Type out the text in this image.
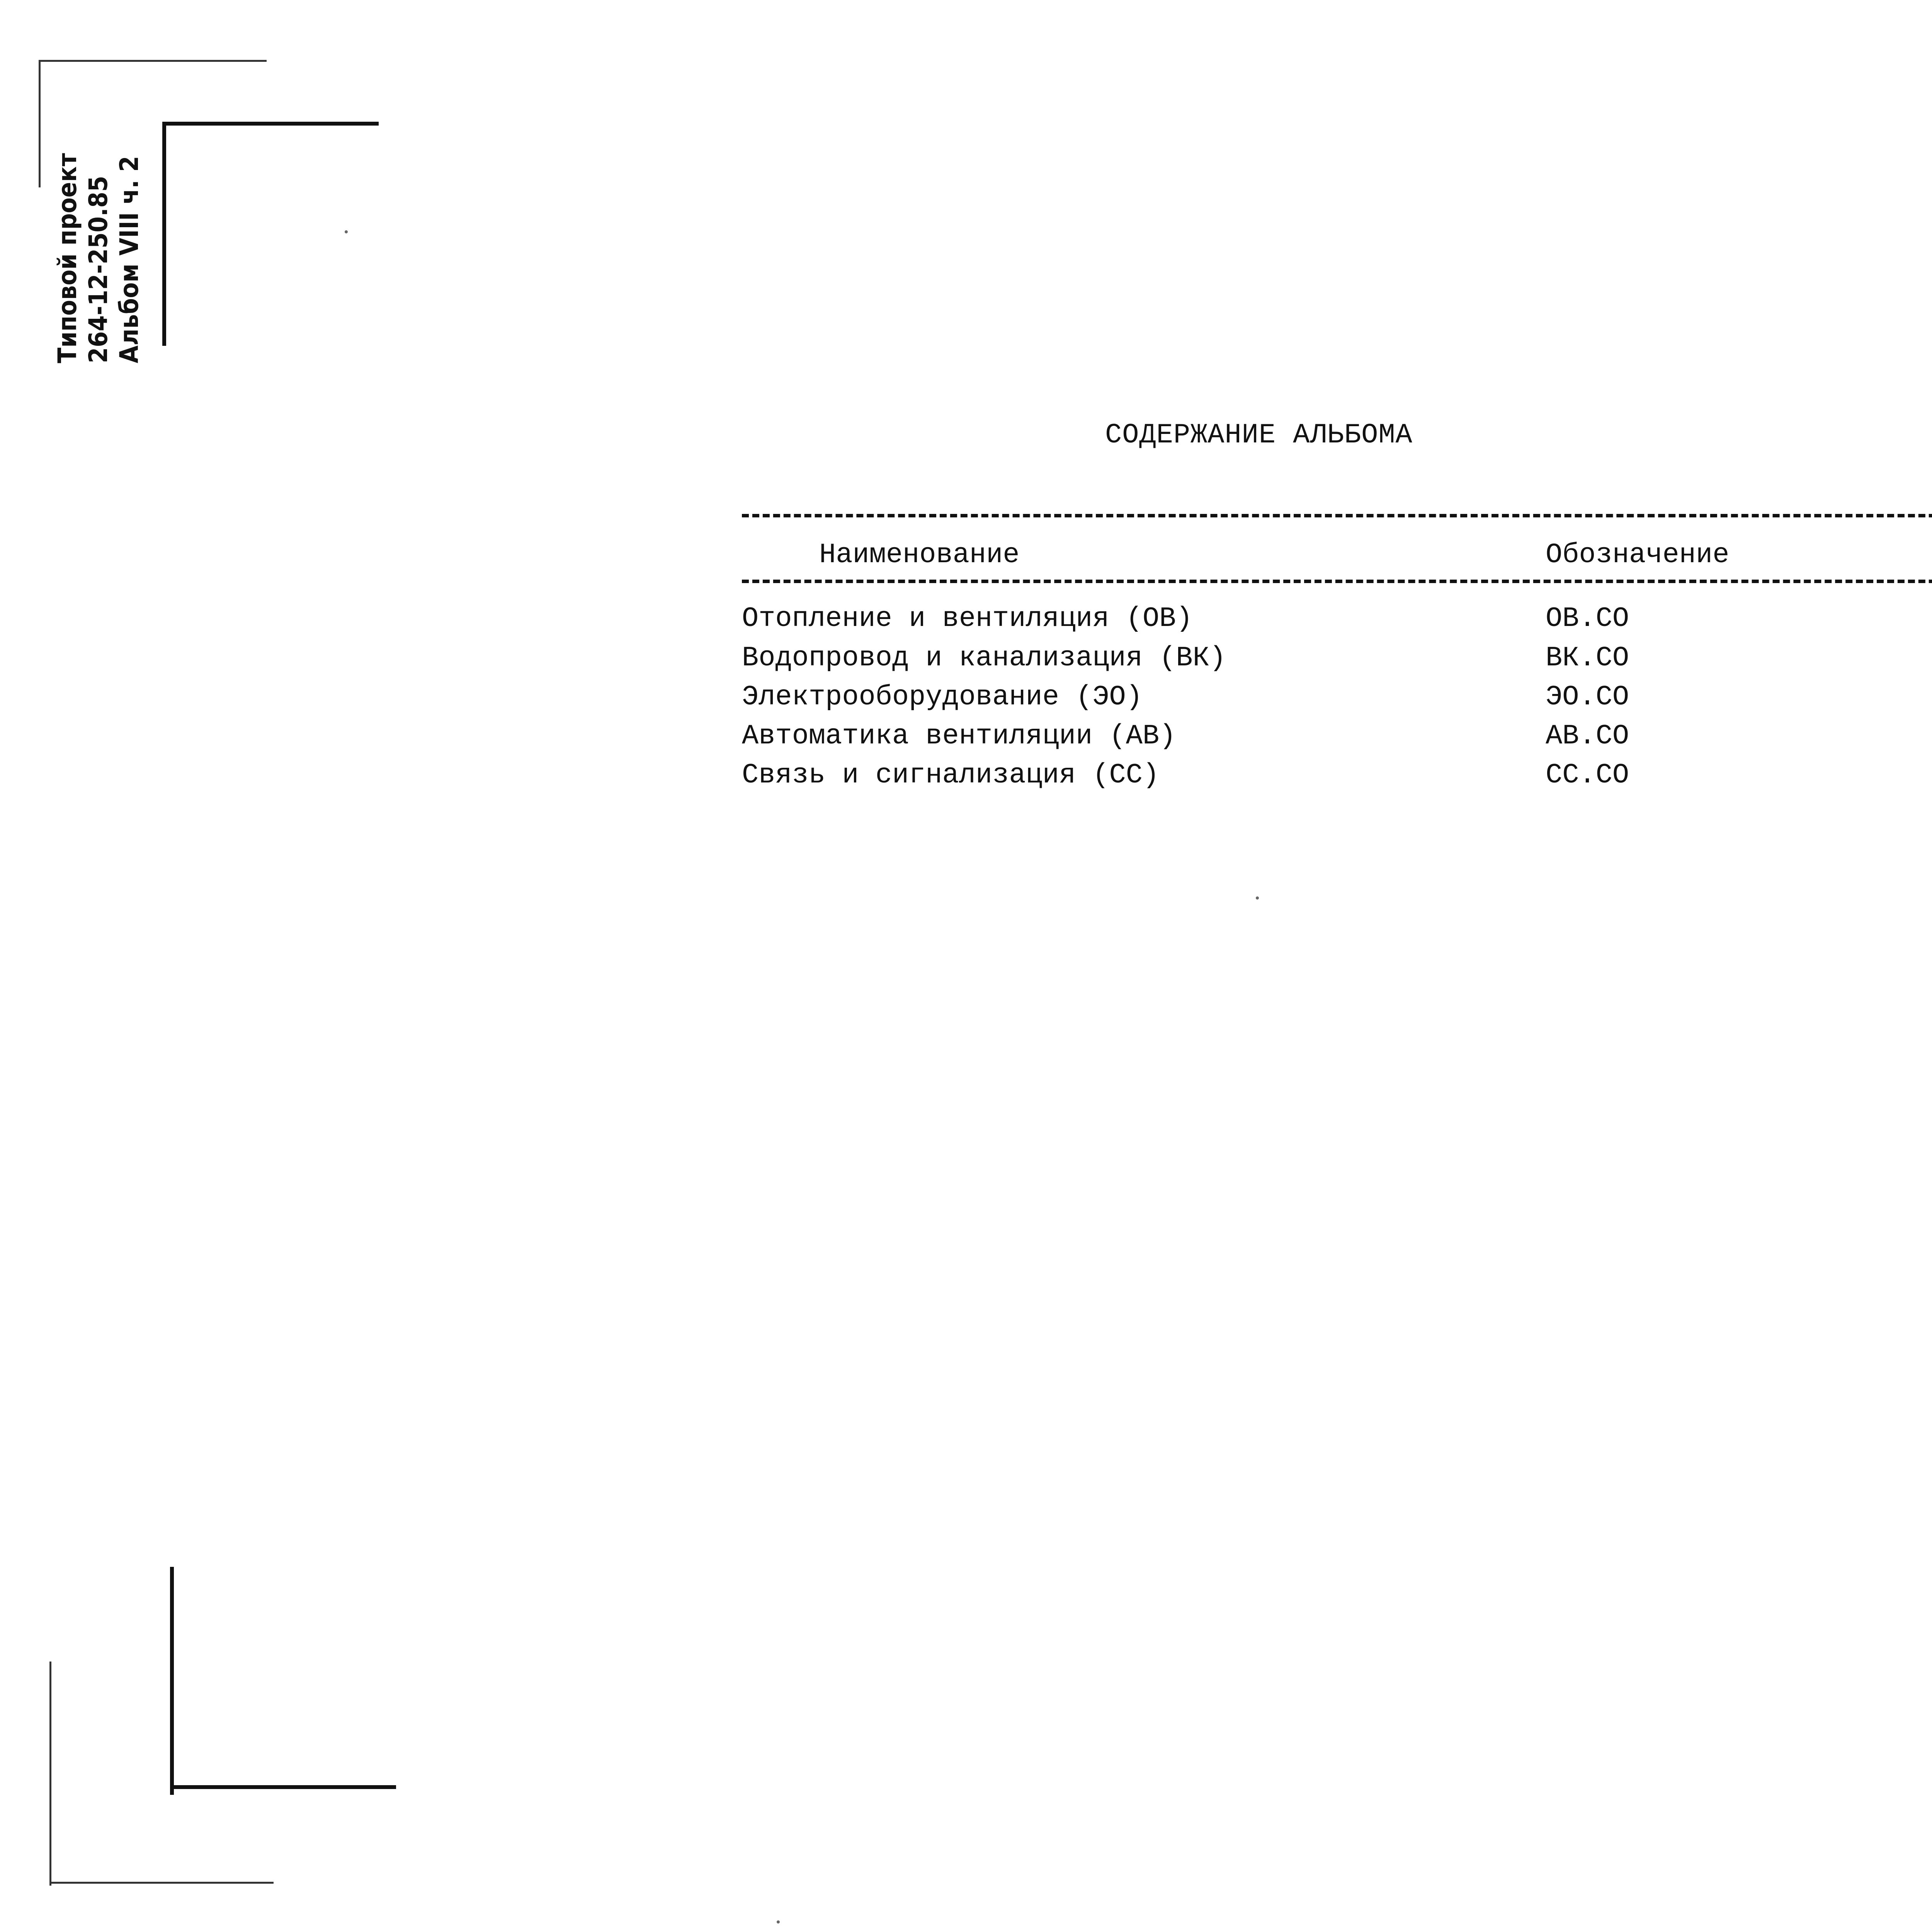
Типовой проект 264-12-250.85 Альбом VIII ч. 2
СОДЕРЖАНИЕ АЛЬБОМА
Наименование	Обозначение
Отопление и вентиляция (ОВ)	ОВ.СО
Водопровод и канализация (ВК)	ВК.СО
Электрооборудование (ЭО)	ЭО.СО
Автоматика вентиляции (АВ)	АВ.СО
Связь и сигнализация (СС)	СС.СО
